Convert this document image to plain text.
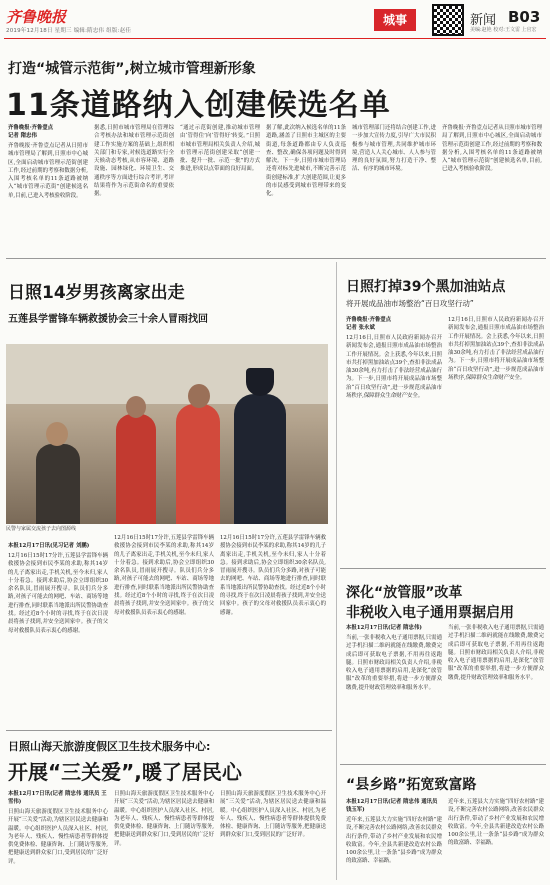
齐鲁晚报
2019年12月18日 星期三 编辑:隋忠伟 组版:赵佳
城事	新闻 B03
美编:赵艳 校对:王文雷 上官宏
打造“城管示范街”,树立城市管理新形象
11条道路纳入创建候选名单
齐鲁晚报·齐鲁壹点
记者 隋忠伟
齐鲁晚报·齐鲁壹点记者从日照市城市管理局了解到,日照市中心城区,全面启动城市管理示范街创建工作,经过前期的考察和数据分析,入围考核名单的11条道路被纳入“城市管理示范街”创建候选名单,目前,已进入考核验收阶段。
据悉,日照市城市管理局在管理综合考核办法和城市管理示范街创建工作实施方案的基础上,组织相关部门和专家,对候选道路实行全天候动态考核,从市容环境、道路设施、园林绿化、环境卫生、交通秩序等方面进行综合考评,考评结果将作为示范街命名的重要依据。
“通过示范街创建,推动城市管理由‘管得住’向‘管得好’转变。”日照市城市管理局相关负责人介绍,城市管理示范街创建采取“创建一批、提升一批、示范一批”的方式推进,形成以点带面的良好局面。
据了解,此次纳入候选名单的11条道路,涵盖了日照市主城区的主要街道,每条道路都由专人负责巡查、整改,确保各项问题及时得到解决。下一步,日照市城市管理局还将对标先进城市,不断完善示范街创建标准,扩大创建范围,让更多的市民感受到城市管理带来的变化。
城市管理部门还将结合创建工作,进一步加大宣传力度,引导广大市民积极参与城市管理,共同维护城市环境,营造人人关心城市、人人参与管理的良好氛围,努力打造干净、整洁、有序的城市环境。
齐鲁晚报·齐鲁壹点记者从日照市城市管理局了解到,日照市中心城区,全面启动城市管理示范街创建工作,经过前期的考察和数据分析,入围考核名单的11条道路被纳入“城市管理示范街”创建候选名单,目前,已进入考核验收阶段。
日照14岁男孩离家出走
五莲县学雷锋车辆救援协会三十余人冒雨找回
民警与家属交流孩子去向图源线
本报12月17日讯(见习记者 刘鹏)
12月16日15时17分许,五莲县学雷锋车辆救援协会接到市民李某的求助,称其14岁的儿子离家出走,手机关机,至今未归,家人十分着急。接到求助后,协会立即组织30余名队员,冒雨展开搜寻。队员们兵分多路,对孩子可能去的网吧、车站、商场等地进行排查,同时联系当地派出所民警协助查找。经过近8个小时的寻找,终于在次日凌晨将孩子找到,并安全送回家中。孩子的父母对救援队员表示衷心的感谢。
12月16日15时17分许,五莲县学雷锋车辆救援协会接到市民李某的求助,称其14岁的儿子离家出走,手机关机,至今未归,家人十分着急。接到求助后,协会立即组织30余名队员,冒雨展开搜寻。队员们兵分多路,对孩子可能去的网吧、车站、商场等地进行排查,同时联系当地派出所民警协助查找。经过近8个小时的寻找,终于在次日凌晨将孩子找到,并安全送回家中。孩子的父母对救援队员表示衷心的感谢。
12月16日15时17分许,五莲县学雷锋车辆救援协会接到市民李某的求助,称其14岁的儿子离家出走,手机关机,至今未归,家人十分着急。接到求助后,协会立即组织30余名队员,冒雨展开搜寻。队员们兵分多路,对孩子可能去的网吧、车站、商场等地进行排查,同时联系当地派出所民警协助查找。经过近8个小时的寻找,终于在次日凌晨将孩子找到,并安全送回家中。孩子的父母对救援队员表示衷心的感谢。
日照打掉39个黑加油站点
将开展成品油市场整治“百日攻坚行动”
齐鲁晚报·齐鲁壹点
记者 张永斌
12月16日,日照市人民政府新闻办召开新闻发布会,通报日照市成品油市场整治工作开展情况。会上获悉,今年以来,日照市共打掉黑加油站点39个,查扣非法成品油30余吨,有力打击了非法经营成品油行为。下一步,日照市将开展成品油市场整治“百日攻坚行动”,进一步规范成品油市场秩序,保障群众生命财产安全。
12月16日,日照市人民政府新闻办召开新闻发布会,通报日照市成品油市场整治工作开展情况。会上获悉,今年以来,日照市共打掉黑加油站点39个,查扣非法成品油30余吨,有力打击了非法经营成品油行为。下一步,日照市将开展成品油市场整治“百日攻坚行动”,进一步规范成品油市场秩序,保障群众生命财产安全。
深化“放管服”改革
非税收入电子通用票据启用
本报12月17日讯(记者 隋忠伟)
当前,一张非税收入电子通用票据,只需通过手机扫描二维码就能在线缴费,缴费完成后即可获取电子票据,不用再往返跑腿。日照市财政局相关负责人介绍,非税收入电子通用票据的启用,是深化“放管服”改革的重要举措,将进一步方便群众缴费,提升财政管理效率和服务水平。
当前,一张非税收入电子通用票据,只需通过手机扫描二维码就能在线缴费,缴费完成后即可获取电子票据,不用再往返跑腿。日照市财政局相关负责人介绍,非税收入电子通用票据的启用,是深化“放管服”改革的重要举措,将进一步方便群众缴费,提升财政管理效率和服务水平。
日照山海天旅游度假区卫生技术服务中心:
开展“三关爱”,暖了居民心
本报12月17日讯(记者 隋忠伟 通讯员 王雪伟)
日照山海天旅游度假区卫生技术服务中心开展“三关爱”活动,为辖区居民送去健康和温暖。中心组织医护人员深入社区、村居,为老年人、残疾人、慢性病患者等群体提供免费体检、健康咨询、上门随访等服务,把健康送到群众家门口,受到居民的广泛好评。
日照山海天旅游度假区卫生技术服务中心开展“三关爱”活动,为辖区居民送去健康和温暖。中心组织医护人员深入社区、村居,为老年人、残疾人、慢性病患者等群体提供免费体检、健康咨询、上门随访等服务,把健康送到群众家门口,受到居民的广泛好评。
日照山海天旅游度假区卫生技术服务中心开展“三关爱”活动,为辖区居民送去健康和温暖。中心组织医护人员深入社区、村居,为老年人、残疾人、慢性病患者等群体提供免费体检、健康咨询、上门随访等服务,把健康送到群众家门口,受到居民的广泛好评。
“县乡路”拓宽致富路
本报12月17日讯(记者 隋忠伟 通讯员 钱玉军)
近年来,五莲县大力实施“四好农村路”建设,不断完善农村公路网络,改善农民群众出行条件,带动了乡村产业发展和农民增收致富。今年,全县共新建改造农村公路100余公里,让一条条“县乡路”成为群众的致富路、幸福路。
近年来,五莲县大力实施“四好农村路”建设,不断完善农村公路网络,改善农民群众出行条件,带动了乡村产业发展和农民增收致富。今年,全县共新建改造农村公路100余公里,让一条条“县乡路”成为群众的致富路、幸福路。
